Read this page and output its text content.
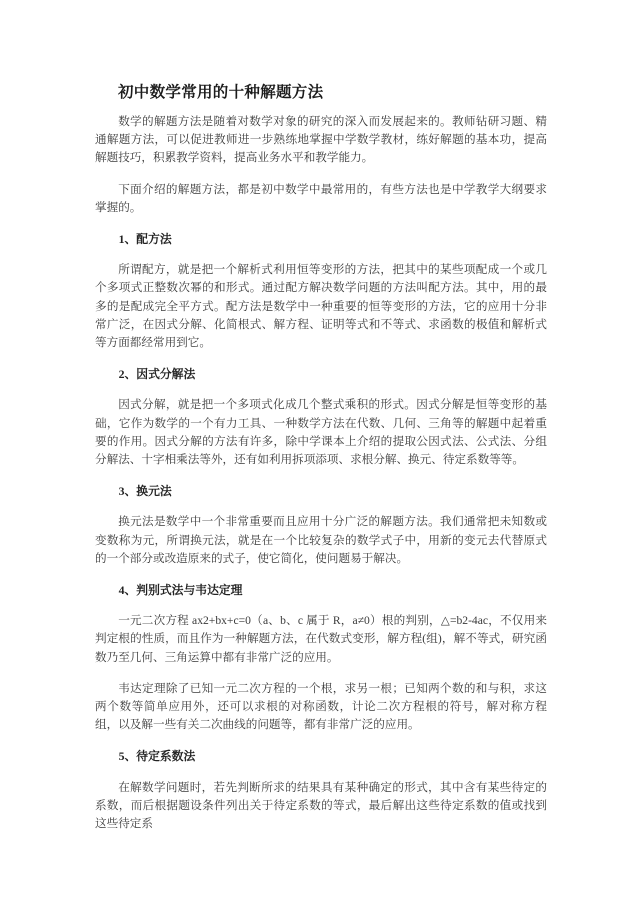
初中数学常用的十种解题方法

数学的解题方法是随着对数学对象的研究的深入而发展起来的。教师钻研习题、精通解题方法，可以促进教师进一步熟练地掌握中学数学教材，练好解题的基本功，提高解题技巧，积累教学资料，提高业务水平和教学能力。

下面介绍的解题方法，都是初中数学中最常用的，有些方法也是中学教学大纲要求掌握的。

1、配方法

所谓配方，就是把一个解析式利用恒等变形的方法，把其中的某些项配成一个或几个多项式正整数次幂的和形式。通过配方解决数学问题的方法叫配方法。其中，用的最多的是配成完全平方式。配方法是数学中一种重要的恒等变形的方法，它的应用十分非常广泛，在因式分解、化简根式、解方程、证明等式和不等式、求函数的极值和解析式等方面都经常用到它。

2、因式分解法

因式分解，就是把一个多项式化成几个整式乘积的形式。因式分解是恒等变形的基础，它作为数学的一个有力工具、一种数学方法在代数、几何、三角等的解题中起着重要的作用。因式分解的方法有许多，除中学课本上介绍的提取公因式法、公式法、分组分解法、十字相乘法等外，还有如利用拆项添项、求根分解、换元、待定系数等等。

3、换元法

换元法是数学中一个非常重要而且应用十分广泛的解题方法。我们通常把未知数或变数称为元，所谓换元法，就是在一个比较复杂的数学式子中，用新的变元去代替原式的一个部分或改造原来的式子，使它简化，使问题易于解决。

4、判别式法与韦达定理

一元二次方程 ax2+bx+c=0（a、b、c 属于 R，a≠0）根的判别，△=b2-4ac，不仅用来判定根的性质，而且作为一种解题方法，在代数式变形，解方程(组)，解不等式，研究函数乃至几何、三角运算中都有非常广泛的应用。

韦达定理除了已知一元二次方程的一个根，求另一根；已知两个数的和与积，求这两个数等简单应用外，还可以求根的对称函数，计论二次方程根的符号，解对称方程组，以及解一些有关二次曲线的问题等，都有非常广泛的应用。

5、待定系数法

在解数学问题时，若先判断所求的结果具有某种确定的形式，其中含有某些待定的系数，而后根据题设条件列出关于待定系数的等式，最后解出这些待定系数的值或找到这些待定系
